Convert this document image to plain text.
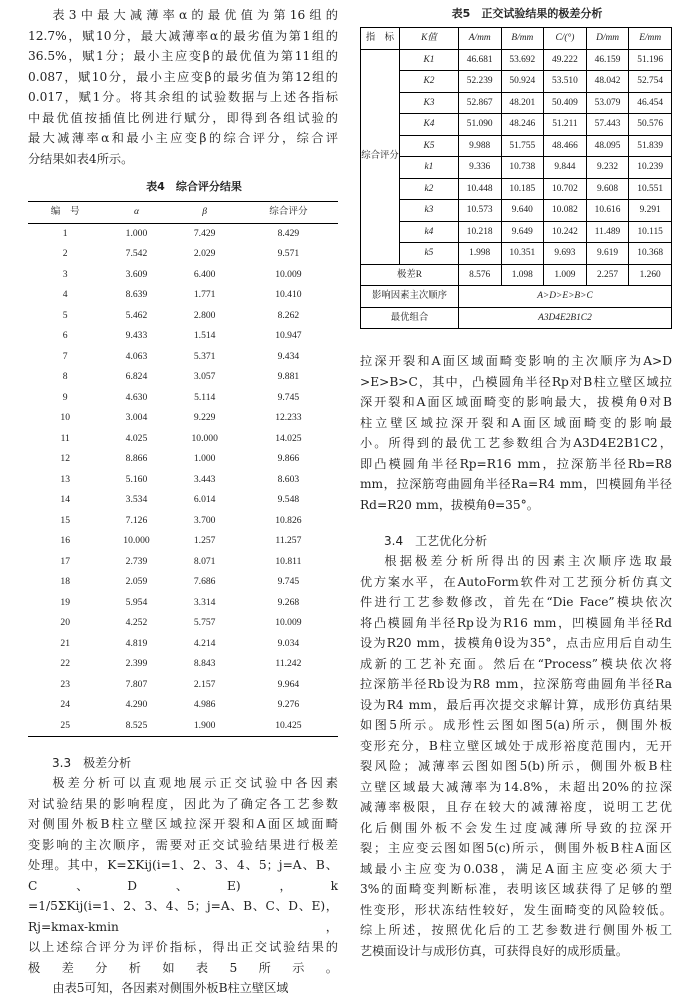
表3中最大减薄率α的最优值为第16组的

12.7%，赋10分，最大减薄率α的最劣值为第1组的

36.5%，赋1分；最小主应变β的最优值为第11组的

0.087，赋10分，最小主应变β的最劣值为第12组的

0.017，赋1分。将其余组的试验数据与上述各指标

中最优值按插值比例进行赋分，即得到各组试验的

最大减薄率α和最小主应变β的综合评分，综合评

分结果如表4所示。

表4　综合评分结果

编　号	α	β	综合评分
1	1.000	7.429	8.429
2	7.542	2.029	9.571
3	3.609	6.400	10.009
4	8.639	1.771	10.410
5	5.462	2.800	8.262
6	9.433	1.514	10.947
7	4.063	5.371	9.434
8	6.824	3.057	9.881
9	4.630	5.114	9.745
10	3.004	9.229	12.233
11	4.025	10.000	14.025
12	8.866	1.000	9.866
13	5.160	3.443	8.603
14	3.534	6.014	9.548
15	7.126	3.700	10.826
16	10.000	1.257	11.257
17	2.739	8.071	10.811
18	2.059	7.686	9.745
19	5.954	3.314	9.268
20	4.252	5.757	10.009
21	4.819	4.214	9.034
22	2.399	8.843	11.242
23	7.807	2.157	9.964
24	4.290	4.986	9.276
25	8.525	1.900	10.425

3.3　极差分析

极差分析可以直观地展示正交试验中各因素

对试验结果的影响程度，因此为了确定各工艺参数

对侧围外板B柱立壁区域拉深开裂和A面区域面畸

变影响的主次顺序，需要对正交试验结果进行极差

处理。其中，K=ΣKij(i=1、2、3、4、5；j=A、B、C、D、E)，k

=1/5ΣKij(i=1、2、3、4、5；j=A、B、C、D、E)，Rj=kmax-kmin，

以上述综合评分为评价指标，得出正交试验结果的

极差分析如表5所示。

由表5可知，各因素对侧围外板B柱立壁区域

表5　正交试验结果的极差分析

指　标	K值	A/mm	B/mm	C/(°)	D/mm	E/mm
综合评分	K1	46.681	53.692	49.222	46.159	51.196
	K2	52.239	50.924	53.510	48.042	52.754
	K3	52.867	48.201	50.409	53.079	46.454
	K4	51.090	48.246	51.211	57.443	50.576
	K5	9.988	51.755	48.466	48.095	51.839
	k1	9.336	10.738	9.844	9.232	10.239
	k2	10.448	10.185	10.702	9.608	10.551
	k3	10.573	9.640	10.082	10.616	9.291
	k4	10.218	9.649	10.242	11.489	10.115
	k5	1.998	10.351	9.693	9.619	10.368
极差R		8.576	1.098	1.009	2.257	1.260
影响因素主次顺序		A>D>E>B>C				
最优组合		A3D4E2B1C2				

拉深开裂和A面区域面畸变影响的主次顺序为A>D

>E>B>C，其中，凸模圆角半径Rp对B柱立壁区域拉

深开裂和A面区域面畸变的影响最大，拔模角θ对B

柱立壁区域拉深开裂和A面区域面畸变的影响最

小。所得到的最优工艺参数组合为A3D4E2B1C2，

即凸模圆角半径Rp=R16 mm，拉深筋半径Rb=R8

mm，拉深筋弯曲圆角半径Ra=R4 mm，凹模圆角半径

Rd=R20 mm，拔模角θ=35°。

3.4　工艺优化分析

根据极差分析所得出的因素主次顺序选取最

优方案水平，在AutoForm软件对工艺预分析仿真文

件进行工艺参数修改，首先在“Die Face”模块依次

将凸模圆角半径Rp设为R16 mm，凹模圆角半径Rd

设为R20 mm，拔模角θ设为35°，点击应用后自动生

成新的工艺补充面。然后在“Process”模块依次将

拉深筋半径Rb设为R8 mm，拉深筋弯曲圆角半径Ra

设为R4 mm，最后再次提交求解计算，成形仿真结果

如图5所示。成形性云图如图5(a)所示，侧围外板

变形充分，B柱立壁区域处于成形裕度范围内，无开

裂风险；减薄率云图如图5(b)所示，侧围外板B柱

立壁区域最大减薄率为14.8%，未超出20%的拉深

减薄率极限，且存在较大的减薄裕度，说明工艺优

化后侧围外板不会发生过度减薄所导致的拉深开

裂；主应变云图如图5(c)所示，侧围外板B柱A面区

域最小主应变为0.038，满足A面主应变必须大于

3%的面畸变判断标准，表明该区域获得了足够的塑

性变形，形状冻结性较好，发生面畸变的风险较低。

综上所述，按照优化后的工艺参数进行侧围外板工

艺模面设计与成形仿真，可获得良好的成形质量。
